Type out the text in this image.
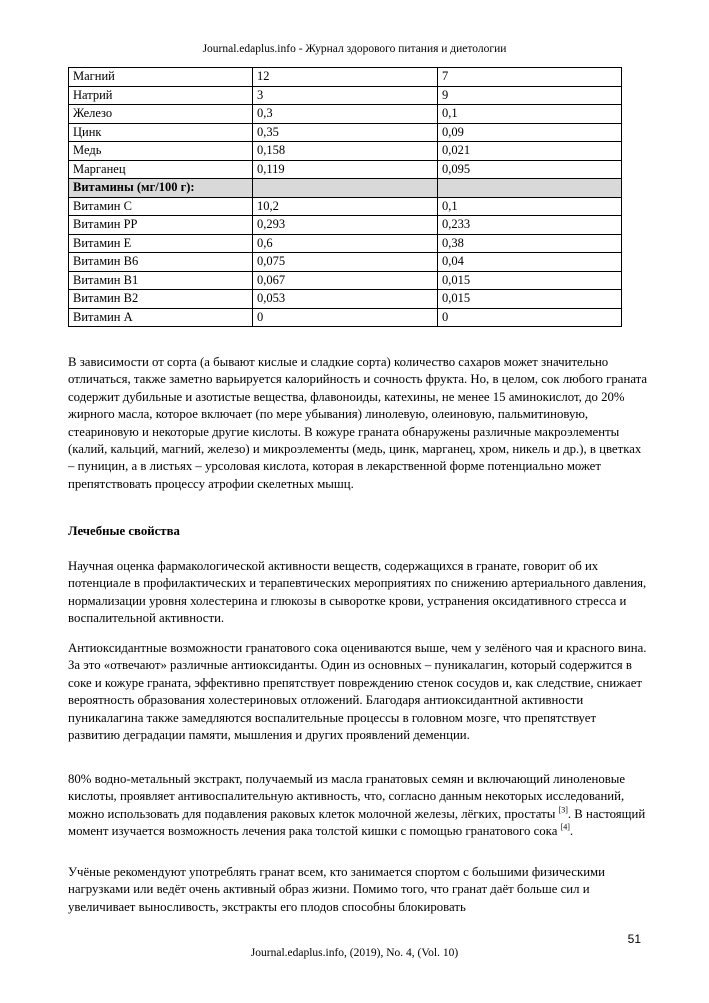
Journal.edaplus.info - Журнал здорового питания и диетологии
Магний	12	7
Натрий	3	9
Железо	0,3	0,1
Цинк	0,35	0,09
Медь	0,158	0,021
Марганец	0,119	0,095
Витамины (мг/100 г):		
Витамин С	10,2	0,1
Витамин РР	0,293	0,233
Витамин Е	0,6	0,38
Витамин В6	0,075	0,04
Витамин В1	0,067	0,015
Витамин В2	0,053	0,015
Витамин А	0	0

В зависимости от сорта (а бывают кислые и сладкие сорта) количество сахаров может значительно отличаться, также заметно варьируется калорийность и сочность фрукта. Но, в целом, сок любого граната содержит дубильные и азотистые вещества, флавоноиды, катехины, не менее 15 аминокислот, до 20% жирного масла, которое включает (по мере убывания) линолевую, олеиновую, пальмитиновую, стеариновую и некоторые другие кислоты. В кожуре граната обнаружены различные макроэлементы (калий, кальций, магний, железо) и микроэлементы (медь, цинк, марганец, хром, никель и др.), в цветках – пуницин, а в листьях – урсоловая кислота, которая в лекарственной форме потенциально может препятствовать процессу атрофии скелетных мышц.

Лечебные свойства

Научная оценка фармакологической активности веществ, содержащихся в гранате, говорит об их потенциале в профилактических и терапевтических мероприятиях по снижению артериального давления, нормализации уровня холестерина и глюкозы в сыворотке крови, устранения оксидативного стресса и воспалительной активности.

Антиоксидантные возможности гранатового сока оцениваются выше, чем у зелёного чая и красного вина. За это «отвечают» различные антиоксиданты. Один из основных – пуникалагин, который содержится в соке и кожуре граната, эффективно препятствует повреждению стенок сосудов и, как следствие, снижает вероятность образования холестериновых отложений. Благодаря антиоксидантной активности пуникалагина также замедляются воспалительные процессы в головном мозге, что препятствует развитию деградации памяти, мышления и других проявлений деменции.

80% водно-метальный экстракт, получаемый из масла гранатовых семян и включающий линоленовые кислоты, проявляет антивоспалительную активность, что, согласно данным некоторых исследований, можно использовать для подавления раковых клеток молочной железы, лёгких, простаты [3]. В настоящий момент изучается возможность лечения рака толстой кишки с помощью гранатового сока [4].

Учёные рекомендуют употреблять гранат всем, кто занимается спортом с большими физическими нагрузками или ведёт очень активный образ жизни. Помимо того, что гранат даёт больше сил и увеличивает выносливость, экстракты его плодов способны блокировать

51
Journal.edaplus.info, (2019), No. 4, (Vol. 10)
